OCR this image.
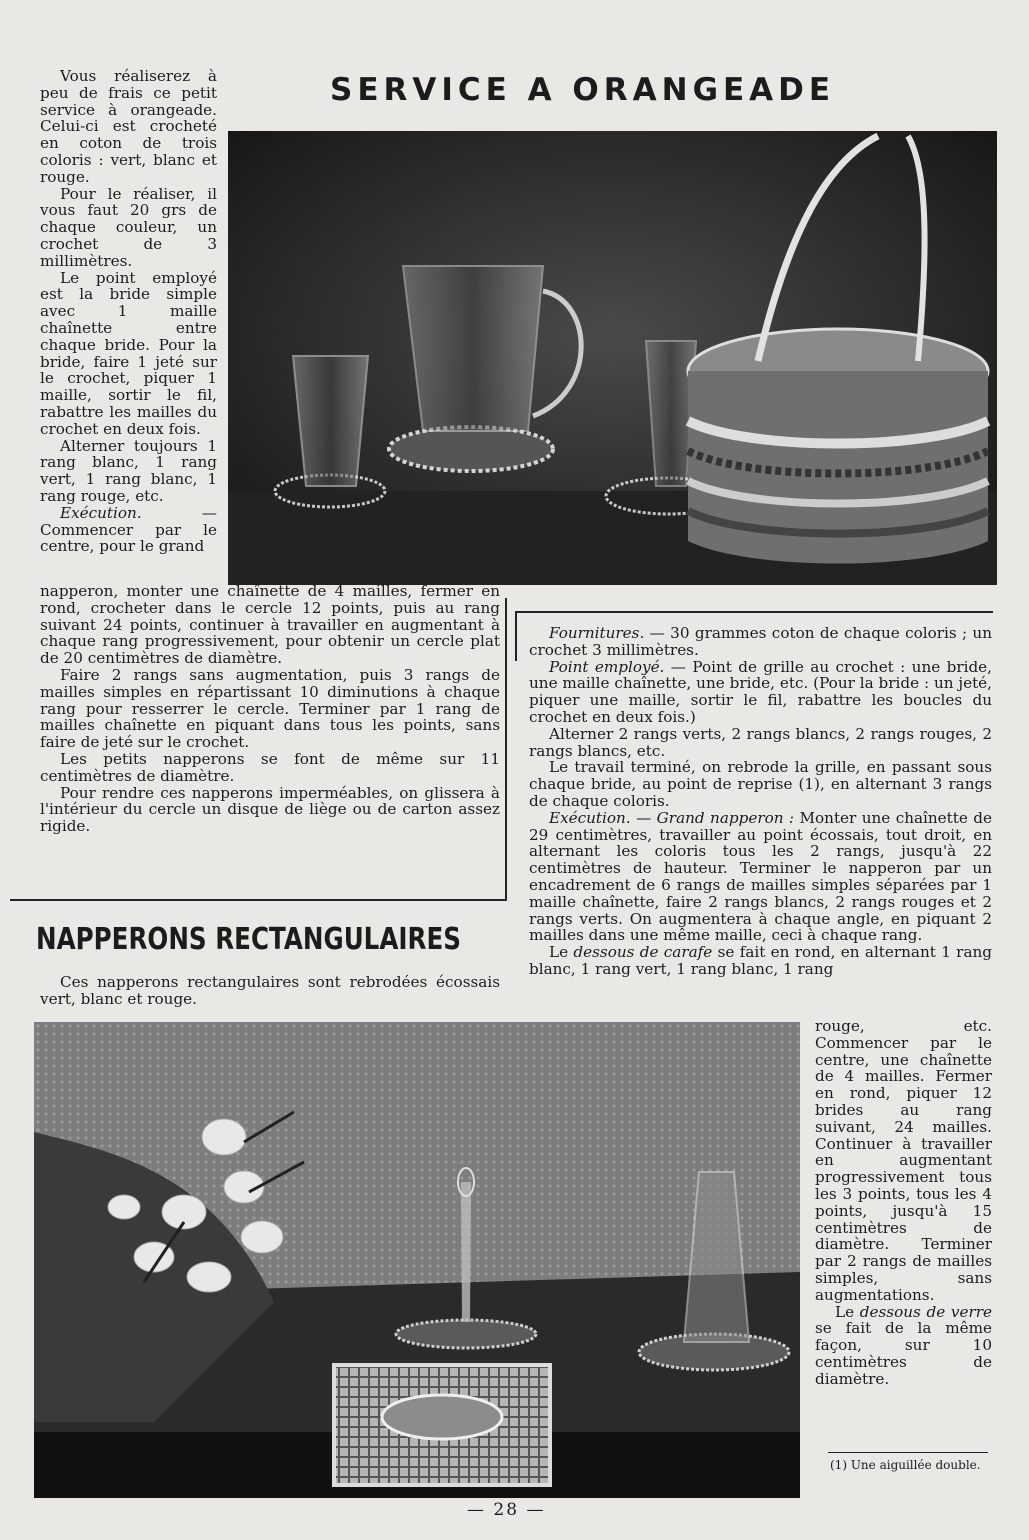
SERVICE A ORANGEADE

Vous réaliserez à peu de frais ce petit service à orangeade. Celui-ci est crocheté en coton de trois coloris : vert, blanc et rouge.

Pour le réaliser, il vous faut 20 grs de chaque couleur, un crochet de 3 millimètres.

Le point employé est la bride simple avec 1 maille chaînette entre chaque bride. Pour la bride, faire 1 jeté sur le crochet, piquer 1 maille, sortir le fil, rabattre les mailles du crochet en deux fois.

Alterner toujours 1 rang blanc, 1 rang vert, 1 rang blanc, 1 rang rouge, etc.

Exécution. — Commencer par le centre, pour le grand

napperon, monter une chaînette de 4 mailles, fermer en rond, crocheter dans le cercle 12 points, puis au rang suivant 24 points, continuer à travailler en augmentant à chaque rang progressivement, pour obtenir un cercle plat de 20 centimètres de diamètre.

Faire 2 rangs sans augmentation, puis 3 rangs de mailles simples en répartissant 10 diminutions à chaque rang pour resserrer le cercle. Terminer par 1 rang de mailles chaînette en piquant dans tous les points, sans faire de jeté sur le crochet.

Les petits napperons se font de même sur 11 centimètres de diamètre.

Pour rendre ces napperons imperméables, on glissera à l'intérieur du cercle un disque de liège ou de carton assez rigide.

NAPPERONS RECTANGULAIRES

Ces napperons rectangulaires sont rebrodées écossais vert, blanc et rouge.

Fournitures. — 30 grammes coton de chaque coloris ; un crochet 3 millimètres.

Point employé. — Point de grille au crochet : une bride, une maille chaînette, une bride, etc. (Pour la bride : un jeté, piquer une maille, sortir le fil, rabattre les boucles du crochet en deux fois.)

Alterner 2 rangs verts, 2 rangs blancs, 2 rangs rouges, 2 rangs blancs, etc.

Le travail terminé, on rebrode la grille, en passant sous chaque bride, au point de reprise (1), en alternant 3 rangs de chaque coloris.

Exécution. — Grand napperon : Monter une chaînette de 29 centimètres, travailler au point écossais, tout droit, en alternant les coloris tous les 2 rangs, jusqu'à 22 centimètres de hauteur. Terminer le napperon par un encadrement de 6 rangs de mailles simples séparées par 1 maille chaînette, faire 2 rangs blancs, 2 rangs rouges et 2 rangs verts. On augmentera à chaque angle, en piquant 2 mailles dans une même maille, ceci à chaque rang.

Le dessous de carafe se fait en rond, en alternant 1 rang blanc, 1 rang vert, 1 rang blanc, 1 rang

rouge, etc. Commencer par le centre, une chaînette de 4 mailles. Fermer en rond, piquer 12 brides au rang suivant, 24 mailles. Continuer à travailler en augmentant progressivement tous les 3 points, tous les 4 points, jusqu'à 15 centimètres de diamètre. Terminer par 2 rangs de mailles simples, sans augmentations.

Le dessous de verre se fait de la même façon, sur 10 centimètres de diamètre.

(1) Une aiguillée double.
— 28 —
